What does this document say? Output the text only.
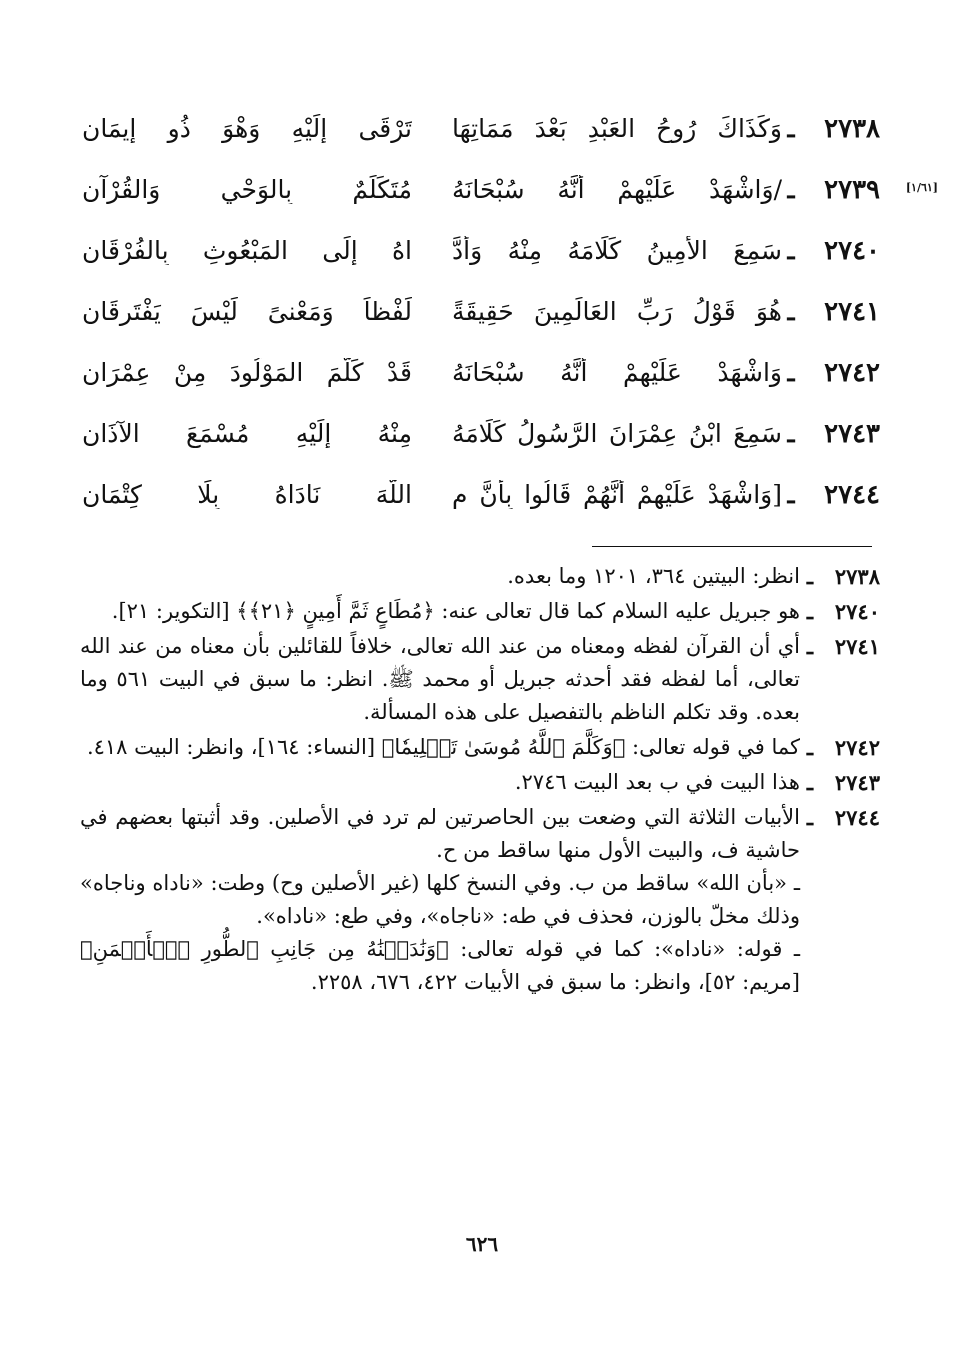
٢٧٣٨
ـ
وَكَذَاكَ رُوحُ العَبْدِ بَعْدَ مَمَاتِهَا
تَرْقَى إِلَيْهِ وَهْوَ ذُو إِيمَانِ
[١/٦١]
٢٧٣٩
ـ
/وَاشْهَدْ عَلَيْهِمْ أَنَّهُ سُبْحَانَهُ
مُتَكَلِّمٌ بِالوَحْيِ وَالقُرْآنِ
٢٧٤٠
ـ
سَمِعَ الأَمِينُ كَلَامَهُ مِنْهُ وَأَدَّ
اهُ إِلَى المَبْعُوثِ بِالفُرْقَانِ
٢٧٤١
ـ
هُوَ قَوْلُ رَبِّ العَالَمِينَ حَقِيقَةً
لَفْظاً وَمَعْنىً لَيْسَ يَفْتَرِقَانِ
٢٧٤٢
ـ
وَاشْهَدْ عَلَيْهِمْ أَنَّهُ سُبْحَانَهُ
قَدْ كَلَّمَ المَوْلُودَ مِنْ عِمْرَانِ
٢٧٤٣
ـ
سَمِعَ ابْنُ عِمْرَانَ الرَّسُولُ كَلَامَهُ
مِنْهُ إِلَيْهِ مُسْمَعَ الآذَانِ
٢٧٤٤
ـ
[وَاشْهَدْ عَلَيْهِمْ أَنَّهُمْ قَالُوا بِأَنَّ م
اللَّهَ نَادَاهُ بِلَا كِتْمَانِ
٢٧٣٨
ـ

انظر: البيتين ٣٦٤، ١٢٠١ وما بعده.

٢٧٤٠
ـ

هو جبريل عليه السلام كما قال تعالى عنه: ﴿مُطَاعٍ ثَمَّ أَمِينٍ ﴿٢١﴾﴾ [التكوير: ٢١].

٢٧٤١
ـ

أي أن القرآن لفظه ومعناه من عند الله تعالى، خلافاً للقائلين بأن معناه من عند الله تعالى، أما لفظه فقد أحدثه جبريل أو محمد ﷺ. انظر: ما سبق في البيت ٥٦١ وما بعده. وقد تكلم الناظم بالتفصيل على هذه المسألة.

٢٧٤٢
ـ

كما في قوله تعالى: ﴿وَكَلَّمَ ٱللَّهُ مُوسَىٰ تَكۡلِيمٗا﴾ [النساء: ١٦٤]، وانظر: البيت ٤١٨.

٢٧٤٣
ـ

هذا البيت في ب بعد البيت ٢٧٤٦.

٢٧٤٤
ـ

الأبيات الثلاثة التي وضعت بين الحاصرتين لم ترد في الأصلين. وقد أثبتها بعضهم في حاشية ف، والبيت الأول منها ساقط من ح.

ـ «بأن الله» ساقط من ب. وفي النسخ كلها (غير الأصلين وح) وطت: «ناداه وناجاه» وذلك مخلّ بالوزن، فحذف في طه: «ناجاه»، وفي طع: «ناداه».

ـ قوله: «ناداه»: كما في قوله تعالى: ﴿وَنَٰدَيۡنَٰهُ مِن جَانِبِ ٱلطُّورِ ٱلۡأَيۡمَنِ﴾ [مريم: ٥٢]، وانظر: ما سبق في الأبيات ٤٢٢، ٦٧٦، ٢٢٥٨.

٦٢٦
